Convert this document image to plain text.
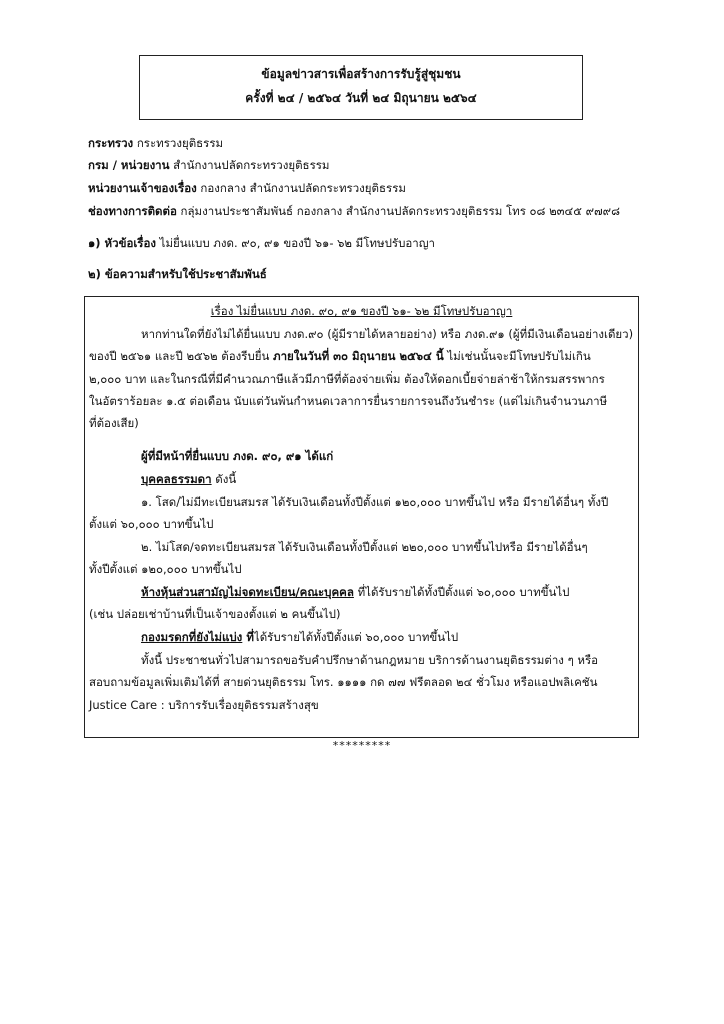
ข้อมูลข่าวสารเพื่อสร้างการรับรู้สู่ชุมชน
ครั้งที่ ๒๔ / ๒๕๖๔ วันที่ ๒๔ มิถุนายน ๒๕๖๔
กระทรวง กระทรวงยุติธรรม
กรม / หน่วยงาน สำนักงานปลัดกระทรวงยุติธรรม
หน่วยงานเจ้าของเรื่อง กองกลาง สำนักงานปลัดกระทรวงยุติธรรม
ช่องทางการติดต่อ กลุ่มงานประชาสัมพันธ์ กองกลาง สำนักงานปลัดกระทรวงยุติธรรม โทร ๐๘ ๒๓๔๕ ๙๗๙๘
๑) หัวข้อเรื่อง ไม่ยื่นแบบ ภงด. ๙๐, ๙๑ ของปี ๖๑- ๖๒ มีโทษปรับอาญา
๒) ข้อความสำหรับใช้ประชาสัมพันธ์
เรื่อง ไม่ยื่นแบบ ภงด. ๙๐, ๙๑ ของปี ๖๑- ๖๒ มีโทษปรับอาญา
หากท่านใดที่ยังไม่ได้ยื่นแบบ ภงด.๙๐ (ผู้มีรายได้หลายอย่าง) หรือ ภงด.๙๑ (ผู้ที่มีเงินเดือนอย่างเดียว)
ของปี ๒๕๖๑ และปี ๒๕๖๒ ต้องรีบยื่น ภายในวันที่ ๓๐ มิถุนายน ๒๕๖๔ นี้ ไม่เช่นนั้นจะมีโทษปรับไม่เกิน
๒,๐๐๐ บาท และในกรณีที่มีคำนวณภาษีแล้วมีภาษีที่ต้องจ่ายเพิ่ม ต้องให้ดอกเบี้ยจ่ายล่าช้าให้กรมสรรพากร
ในอัตราร้อยละ ๑.๕ ต่อเดือน นับแต่วันพ้นกำหนดเวลาการยื่นรายการจนถึงวันชำระ (แต่ไม่เกินจำนวนภาษี
ที่ต้องเสีย)
ผู้ที่มีหน้าที่ยื่นแบบ ภงด. ๙๐, ๙๑ ได้แก่
บุคคลธรรมดา ดังนี้
๑. โสด/ไม่มีทะเบียนสมรส ได้รับเงินเดือนทั้งปีตั้งแต่ ๑๒๐,๐๐๐ บาทขึ้นไป หรือ มีรายได้อื่นๆ ทั้งปี
ตั้งแต่ ๖๐,๐๐๐ บาทขึ้นไป
๒. ไม่โสด/จดทะเบียนสมรส ได้รับเงินเดือนทั้งปีตั้งแต่ ๒๒๐,๐๐๐ บาทขึ้นไปหรือ มีรายได้อื่นๆ
ทั้งปีตั้งแต่ ๑๒๐,๐๐๐ บาทขึ้นไป
ห้างหุ้นส่วนสามัญไม่จดทะเบียน/คณะบุคคล ที่ได้รับรายได้ทั้งปีตั้งแต่ ๖๐,๐๐๐ บาทขึ้นไป
(เช่น ปล่อยเช่าบ้านที่เป็นเจ้าของตั้งแต่ ๒ คนขึ้นไป)
กองมรดกที่ยังไม่แบ่ง ที่ได้รับรายได้ทั้งปีตั้งแต่ ๖๐,๐๐๐ บาทขึ้นไป
ทั้งนี้ ประชาชนทั่วไปสามารถขอรับคำปรึกษาด้านกฎหมาย บริการด้านงานยุติธรรมต่าง ๆ หรือ
สอบถามข้อมูลเพิ่มเติมได้ที่ สายด่วนยุติธรรม โทร. ๑๑๑๑ กด ๗๗ ฟรีตลอด ๒๔ ชั่วโมง หรือแอปพลิเคชัน
Justice Care : บริการรับเรื่องยุติธรรมสร้างสุข
*********
